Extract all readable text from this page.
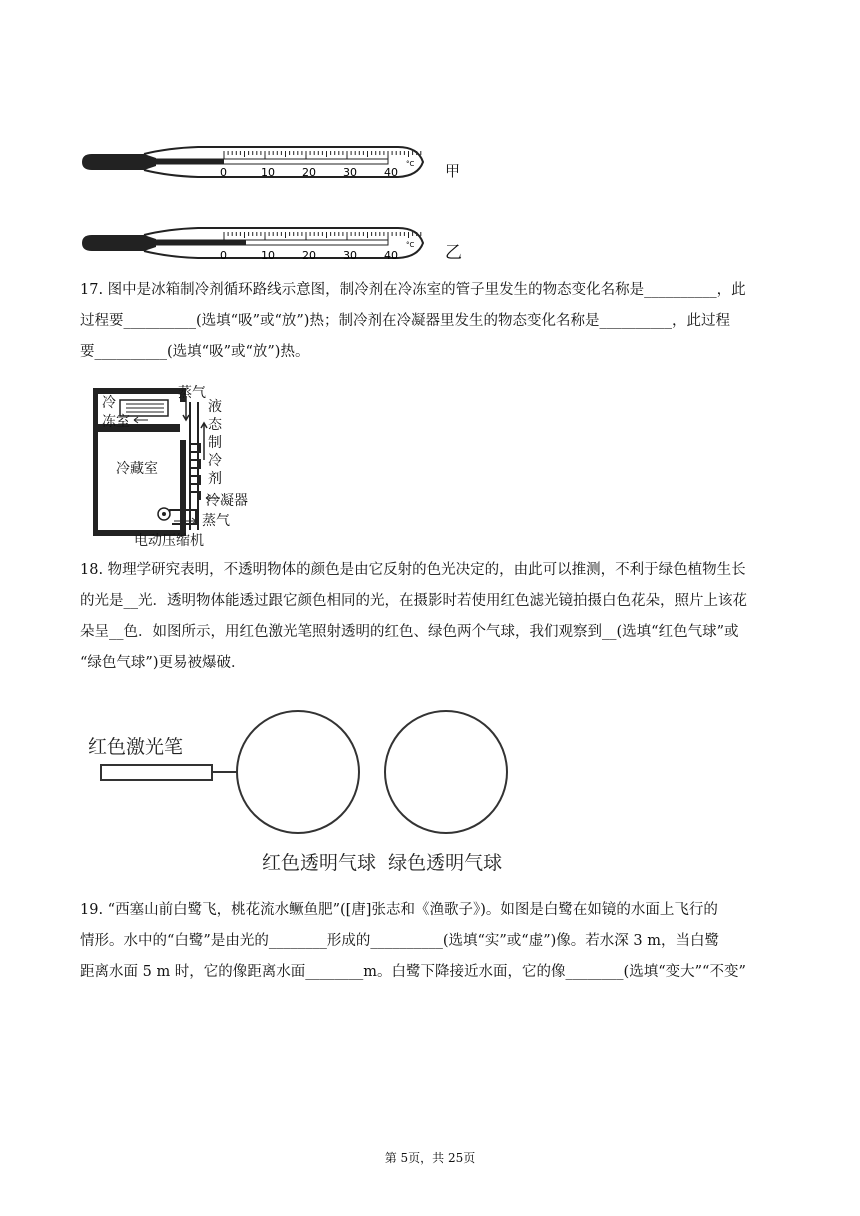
°C
0	10 20 30 40	甲
°C
0	10 20 30 40	乙
17. 图中是冰箱制冷剂循环路线示意图，制冷剂在冷冻室的管子里发生的物态变化名称是__________，此
过程要__________(选填“吸”或“放”)热；制冷剂在冷凝器里发生的物态变化名称是__________，此过程
要__________(选填“吸”或“放”)热。
蒸气
冷
冻室
液
态
制
冷
剂
冷藏室
冷凝器
蒸气
电动压缩机
18. 物理学研究表明，不透明物体的颜色是由它反射的色光决定的，由此可以推测，不利于绿色植物生长
的光是__光．透明物体能透过跟它颜色相同的光，在摄影时若使用红色滤光镜拍摄白色花朵，照片上该花
朵呈__色．如图所示，用红色激光笔照射透明的红色、绿色两个气球，我们观察到__(选填“红色气球”或
“绿色气球”)更易被爆破．
红色激光笔
红色透明气球  绿色透明气球
19. “西塞山前白鹭飞，桃花流水鳜鱼肥”([唐]张志和《渔歌子》)。如图是白鹭在如镜的水面上飞行的
情形。水中的“白鹭”是由光的________形成的__________(选填“实”或“虚”)像。若水深 3 m，当白鹭
距离水面 5 m 时，它的像距离水面________m。白鹭下降接近水面，它的像________(选填“变大”“不变”
第 5页，共 25页
